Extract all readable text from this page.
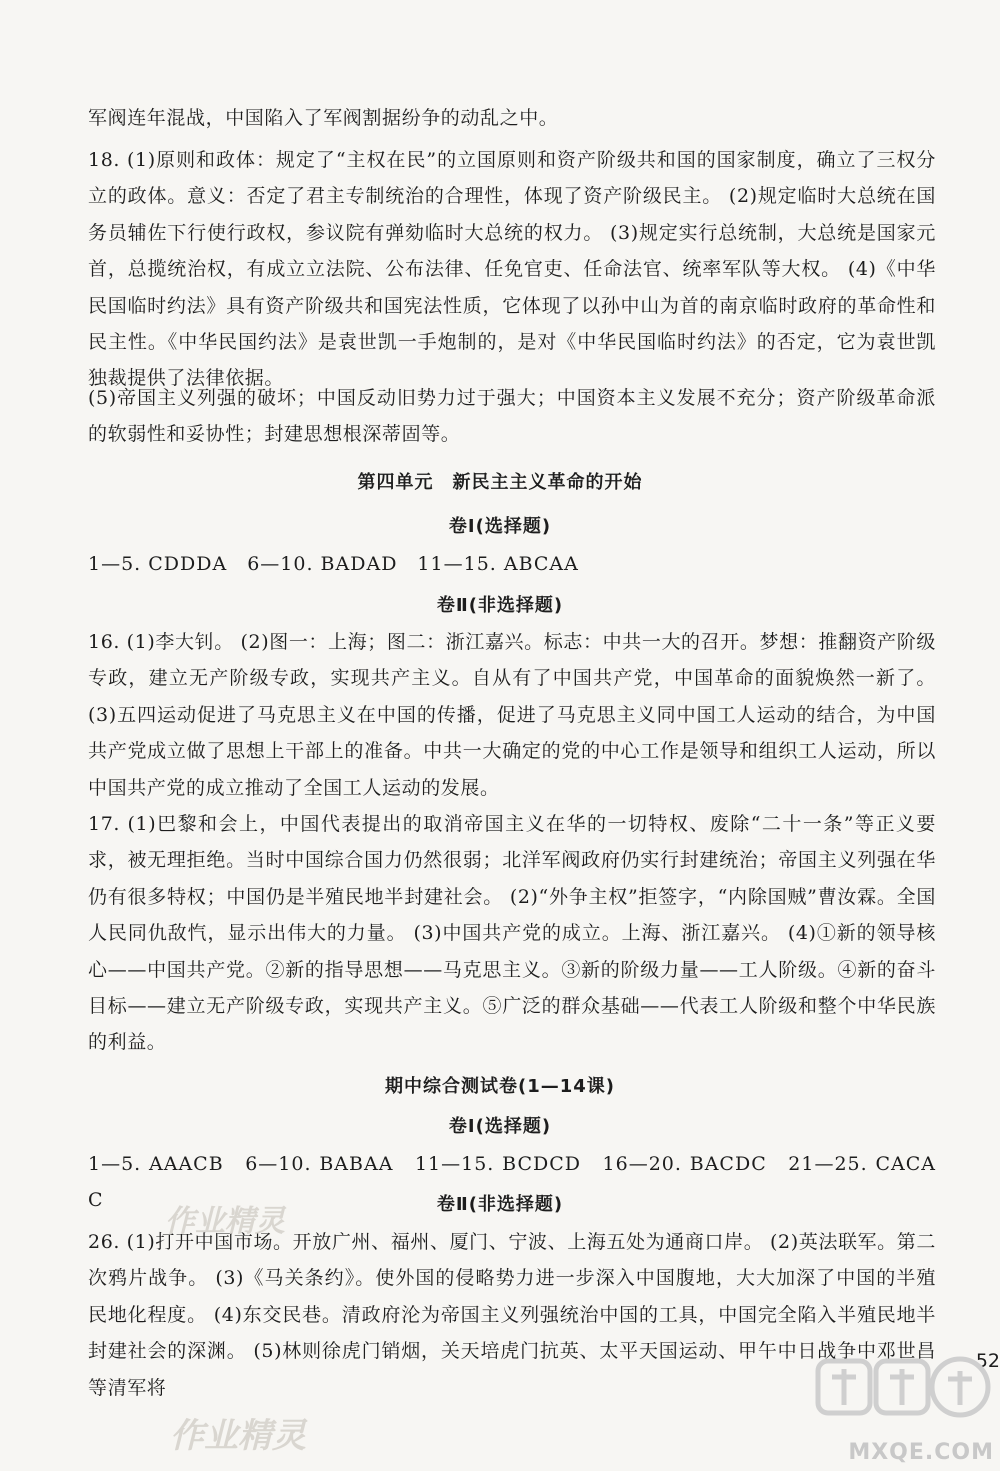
军阀连年混战，中国陷入了军阀割据纷争的动乱之中。
18. (1)原则和政体：规定了“主权在民”的立国原则和资产阶级共和国的国家制度，确立了三权分立的政体。意义：否定了君主专制统治的合理性，体现了资产阶级民主。 (2)规定临时大总统在国务员辅佐下行使行政权，参议院有弹劾临时大总统的权力。 (3)规定实行总统制，大总统是国家元首，总揽统治权，有成立立法院、公布法律、任免官吏、任命法官、统率军队等大权。 (4)《中华民国临时约法》具有资产阶级共和国宪法性质，它体现了以孙中山为首的南京临时政府的革命性和民主性。《中华民国约法》是袁世凯一手炮制的，是对《中华民国临时约法》的否定，它为袁世凯独裁提供了法律依据。
(5)帝国主义列强的破坏；中国反动旧势力过于强大；中国资本主义发展不充分；资产阶级革命派的软弱性和妥协性；封建思想根深蒂固等。
第四单元　新民主主义革命的开始
卷Ⅰ(选择题)
1—5. CDDDA　6—10. BADAD　11—15. ABCAA
卷Ⅱ(非选择题)
16. (1)李大钊。 (2)图一：上海；图二：浙江嘉兴。标志：中共一大的召开。梦想：推翻资产阶级专政，建立无产阶级专政，实现共产主义。自从有了中国共产党，中国革命的面貌焕然一新了。 (3)五四运动促进了马克思主义在中国的传播，促进了马克思主义同中国工人运动的结合，为中国共产党成立做了思想上干部上的准备。中共一大确定的党的中心工作是领导和组织工人运动，所以中国共产党的成立推动了全国工人运动的发展。
17. (1)巴黎和会上，中国代表提出的取消帝国主义在华的一切特权、废除“二十一条”等正义要求，被无理拒绝。当时中国综合国力仍然很弱；北洋军阀政府仍实行封建统治；帝国主义列强在华仍有很多特权；中国仍是半殖民地半封建社会。 (2)“外争主权”拒签字，“内除国贼”曹汝霖。全国人民同仇敌忾，显示出伟大的力量。 (3)中国共产党的成立。上海、浙江嘉兴。 (4)①新的领导核心——中国共产党。②新的指导思想——马克思主义。③新的阶级力量——工人阶级。④新的奋斗目标——建立无产阶级专政，实现共产主义。⑤广泛的群众基础——代表工人阶级和整个中华民族的利益。
期中综合测试卷(1—14课)
卷Ⅰ(选择题)
1—5. AAACB　6—10. BABAA　11—15. BCDCD　16—20. BACDC　21—25. CACAC	卷Ⅱ(非选择题)
26. (1)打开中国市场。开放广州、福州、厦门、宁波、上海五处为通商口岸。 (2)英法联军。第二次鸦片战争。 (3)《马关条约》。使外国的侵略势力进一步深入中国腹地，大大加深了中国的半殖民地化程度。 (4)东交民巷。清政府沦为帝国主义列强统治中国的工具，中国完全陷入半殖民地半封建社会的深渊。 (5)林则徐虎门销烟，关天培虎门抗英、太平天国运动、甲午中日战争中邓世昌等清军将
52
作业精灵
作业精灵	MXQE.COM
